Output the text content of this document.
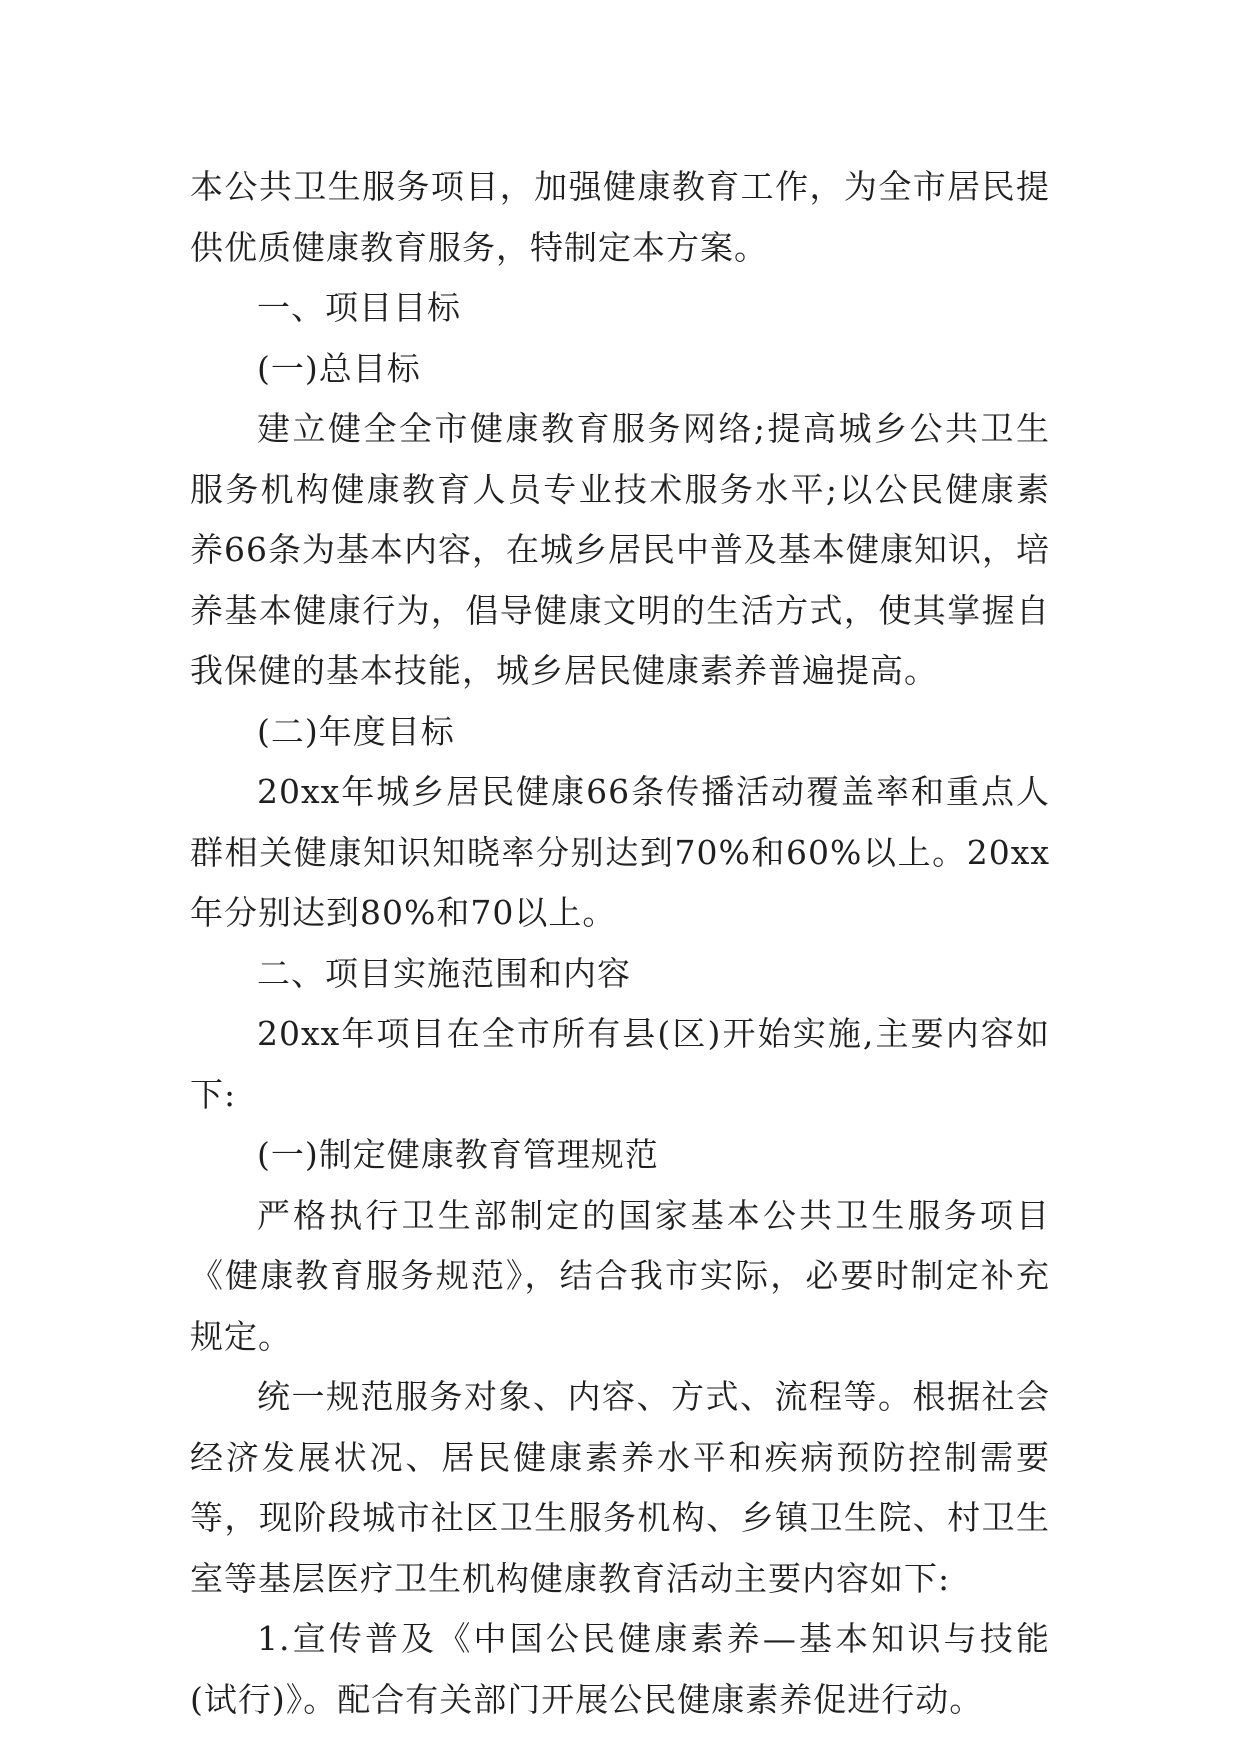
本公共卫生服务项目，加强健康教育工作，为全市居民提供优质健康教育服务，特制定本方案。

一、项目目标

(一)总目标

建立健全全市健康教育服务网络;提高城乡公共卫生服务机构健康教育人员专业技术服务水平;以公民健康素养66条为基本内容，在城乡居民中普及基本健康知识，培养基本健康行为，倡导健康文明的生活方式，使其掌握自我保健的基本技能，城乡居民健康素养普遍提高。

(二)年度目标

20xx年城乡居民健康66条传播活动覆盖率和重点人群相关健康知识知晓率分别达到70%和60%以上。20xx年分别达到80%和70以上。

二、项目实施范围和内容

20xx年项目在全市所有县(区)开始实施,主要内容如下:

(一)制定健康教育管理规范

严格执行卫生部制定的国家基本公共卫生服务项目《健康教育服务规范》，结合我市实际，必要时制定补充规定。

统一规范服务对象、内容、方式、流程等。根据社会经济发展状况、居民健康素养水平和疾病预防控制需要等，现阶段城市社区卫生服务机构、乡镇卫生院、村卫生室等基层医疗卫生机构健康教育活动主要内容如下:

1.宣传普及《中国公民健康素养—基本知识与技能(试行)》。配合有关部门开展公民健康素养促进行动。
